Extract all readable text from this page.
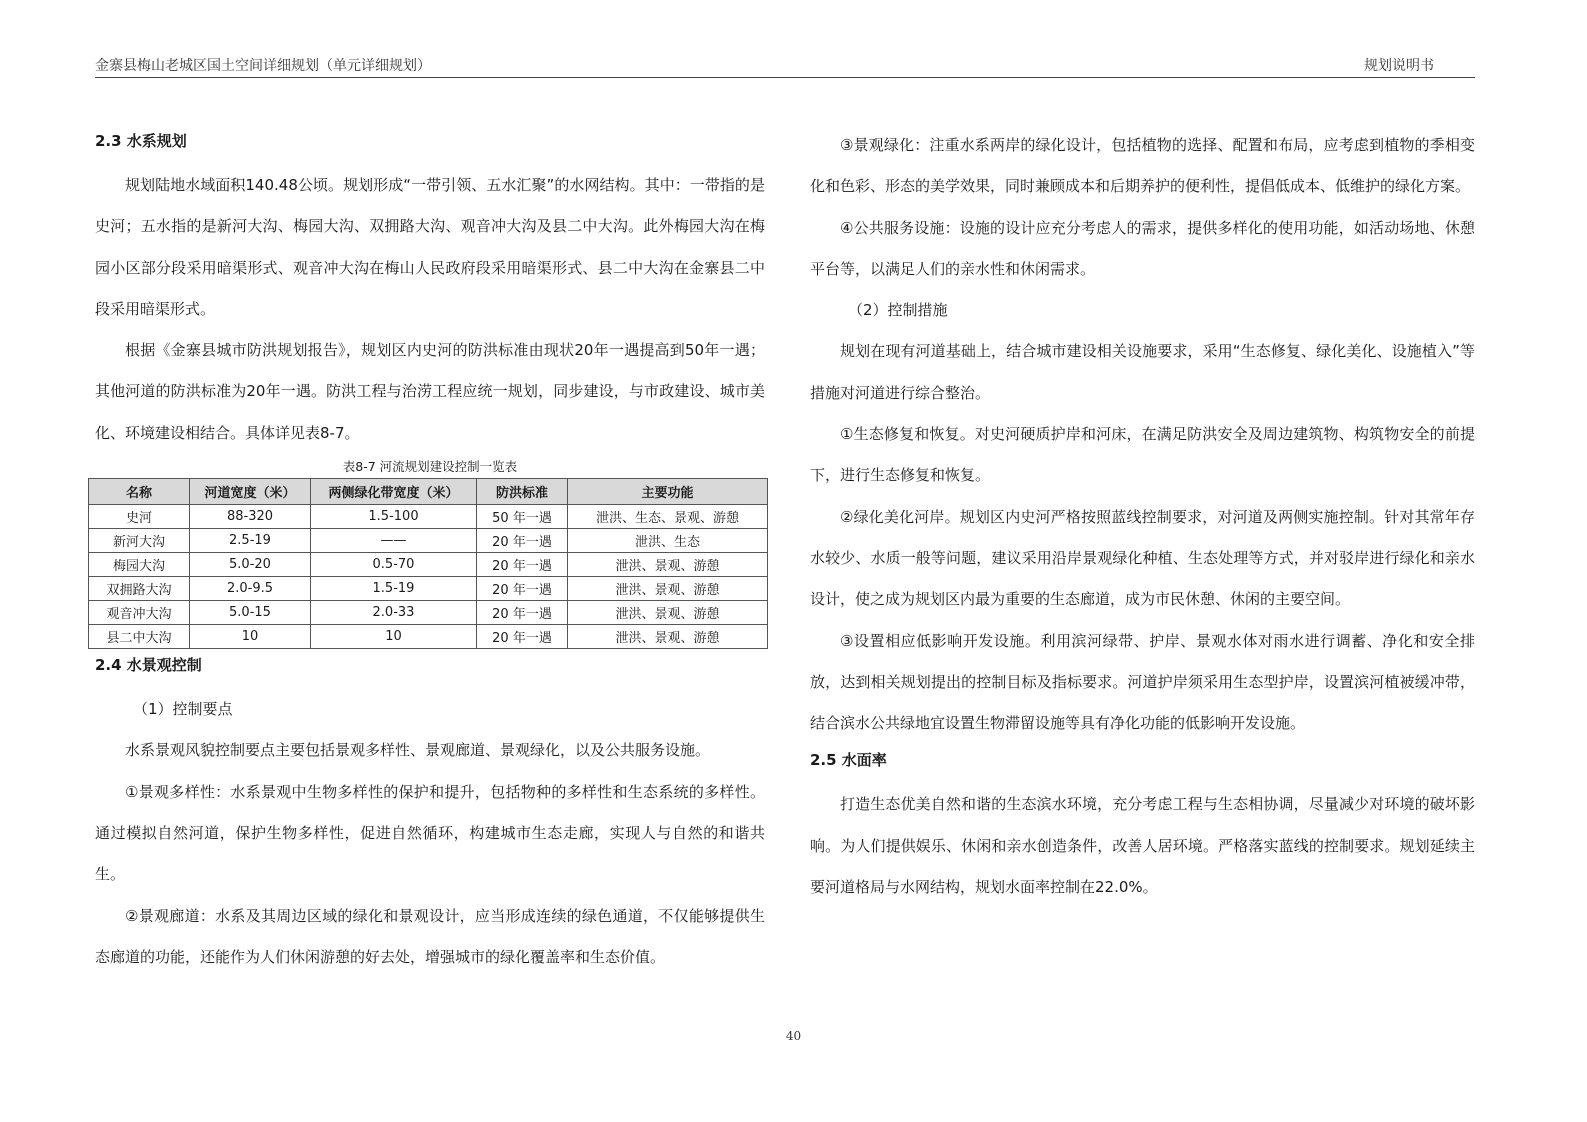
金寨县梅山老城区国土空间详细规划（单元详细规划）	规划说明书
2.3 水系规划

规划陆地水域面积140.48公顷。规划形成“一带引领、五水汇聚”的水网结构。其中：一带指的是史河；五水指的是新河大沟、梅园大沟、双拥路大沟、观音冲大沟及县二中大沟。此外梅园大沟在梅园小区部分段采用暗渠形式、观音冲大沟在梅山人民政府段采用暗渠形式、县二中大沟在金寨县二中段采用暗渠形式。

根据《金寨县城市防洪规划报告》，规划区内史河的防洪标准由现状20年一遇提高到50年一遇；其他河道的防洪标准为20年一遇。防洪工程与治涝工程应统一规划，同步建设，与市政建设、城市美化、环境建设相结合。具体详见表8-7。

表8-7 河流规划建设控制一览表
名称	河道宽度（米）	两侧绿化带宽度（米）	防洪标准	主要功能
史河	88-320	1.5-100	50 年一遇	泄洪、生态、景观、游憩
新河大沟	2.5-19	——	20 年一遇	泄洪、生态
梅园大沟	5.0-20	0.5-70	20 年一遇	泄洪、景观、游憩
双拥路大沟	2.0-9.5	1.5-19	20 年一遇	泄洪、景观、游憩
观音冲大沟	5.0-15	2.0-33	20 年一遇	泄洪、景观、游憩
县二中大沟	10	10	20 年一遇	泄洪、景观、游憩
2.4 水景观控制

（1）控制要点

水系景观风貌控制要点主要包括景观多样性、景观廊道、景观绿化，以及公共服务设施。

①景观多样性：水系景观中生物多样性的保护和提升，包括物种的多样性和生态系统的多样性。通过模拟自然河道，保护生物多样性，促进自然循环，构建城市生态走廊，实现人与自然的和谐共生。

②景观廊道：水系及其周边区域的绿化和景观设计，应当形成连续的绿色通道，不仅能够提供生态廊道的功能，还能作为人们休闲游憩的好去处，增强城市的绿化覆盖率和生态价值。

③景观绿化：注重水系两岸的绿化设计，包括植物的选择、配置和布局，应考虑到植物的季相变化和色彩、形态的美学效果，同时兼顾成本和后期养护的便利性，提倡低成本、低维护的绿化方案。

④公共服务设施：设施的设计应充分考虑人的需求，提供多样化的使用功能，如活动场地、休憩平台等，以满足人们的亲水性和休闲需求。

（2）控制措施

规划在现有河道基础上，结合城市建设相关设施要求，采用“生态修复、绿化美化、设施植入”等措施对河道进行综合整治。

①生态修复和恢复。对史河硬质护岸和河床，在满足防洪安全及周边建筑物、构筑物安全的前提下，进行生态修复和恢复。

②绿化美化河岸。规划区内史河严格按照蓝线控制要求，对河道及两侧实施控制。针对其常年存水较少、水质一般等问题，建议采用沿岸景观绿化种植、生态处理等方式，并对驳岸进行绿化和亲水设计，使之成为规划区内最为重要的生态廊道，成为市民休憩、休闲的主要空间。

③设置相应低影响开发设施。利用滨河绿带、护岸、景观水体对雨水进行调蓄、净化和安全排放，达到相关规划提出的控制目标及指标要求。河道护岸须采用生态型护岸，设置滨河植被缓冲带，结合滨水公共绿地宜设置生物滞留设施等具有净化功能的低影响开发设施。

2.5 水面率

打造生态优美自然和谐的生态滨水环境，充分考虑工程与生态相协调，尽量减少对环境的破坏影响。为人们提供娱乐、休闲和亲水创造条件，改善人居环境。严格落实蓝线的控制要求。规划延续主要河道格局与水网结构，规划水面率控制在22.0%。

40
